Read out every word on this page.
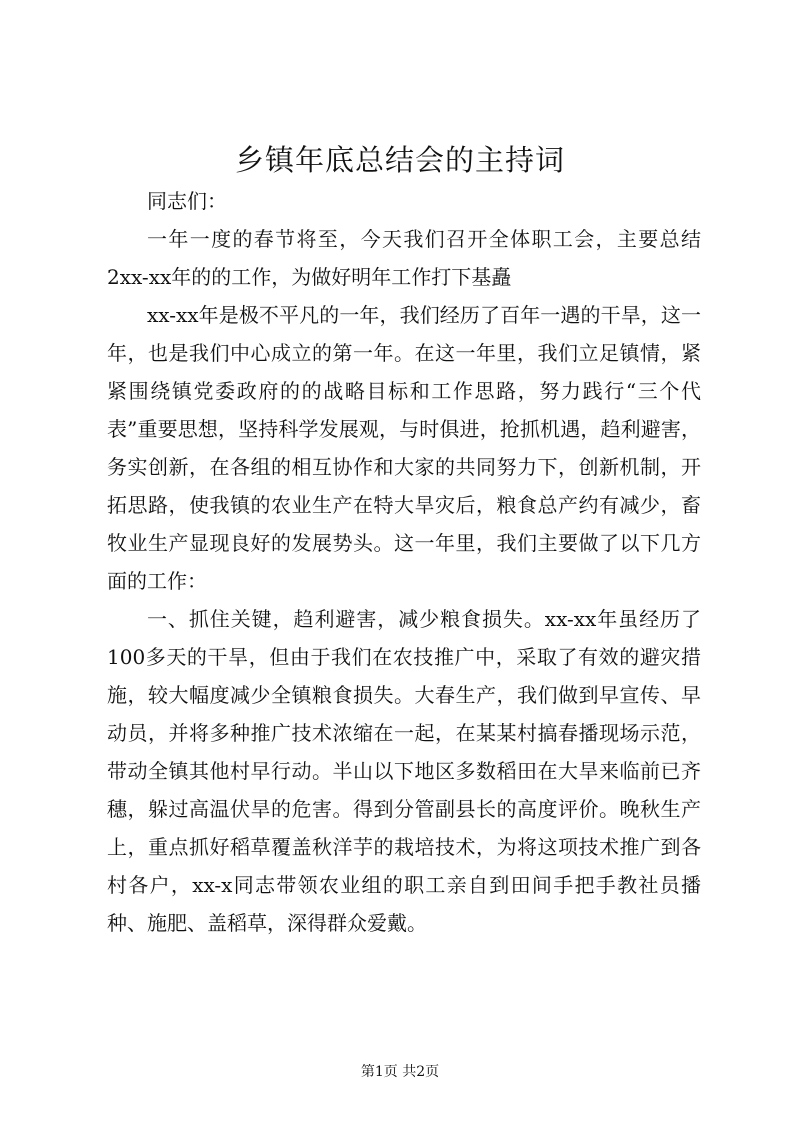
乡镇年底总结会的主持词

同志们：

一年一度的春节将至，今天我们召开全体职工会，主要总结2xx-xx年的的工作，为做好明年工作打下基矗

xx-xx年是极不平凡的一年，我们经历了百年一遇的干旱，这一年，也是我们中心成立的第一年。在这一年里，我们立足镇情，紧紧围绕镇党委政府的的战略目标和工作思路，努力践行“三个代表”重要思想，坚持科学发展观，与时俱进，抢抓机遇，趋利避害，务实创新，在各组的相互协作和大家的共同努力下，创新机制，开拓思路，使我镇的农业生产在特大旱灾后，粮食总产约有减少，畜牧业生产显现良好的发展势头。这一年里，我们主要做了以下几方面的工作：

一、抓住关键，趋利避害，减少粮食损失。xx-xx年虽经历了100多天的干旱，但由于我们在农技推广中，采取了有效的避灾措施，较大幅度减少全镇粮食损失。大春生产，我们做到早宣传、早动员，并将多种推广技术浓缩在一起，在某某村搞春播现场示范，带动全镇其他村早行动。半山以下地区多数稻田在大旱来临前已齐穗，躲过高温伏旱的危害。得到分管副县长的高度评价。晚秋生产上，重点抓好稻草覆盖秋洋芋的栽培技术，为将这项技术推广到各村各户，xx-x同志带领农业组的职工亲自到田间手把手教社员播种、施肥、盖稻草，深得群众爱戴。

第1页 共2页
